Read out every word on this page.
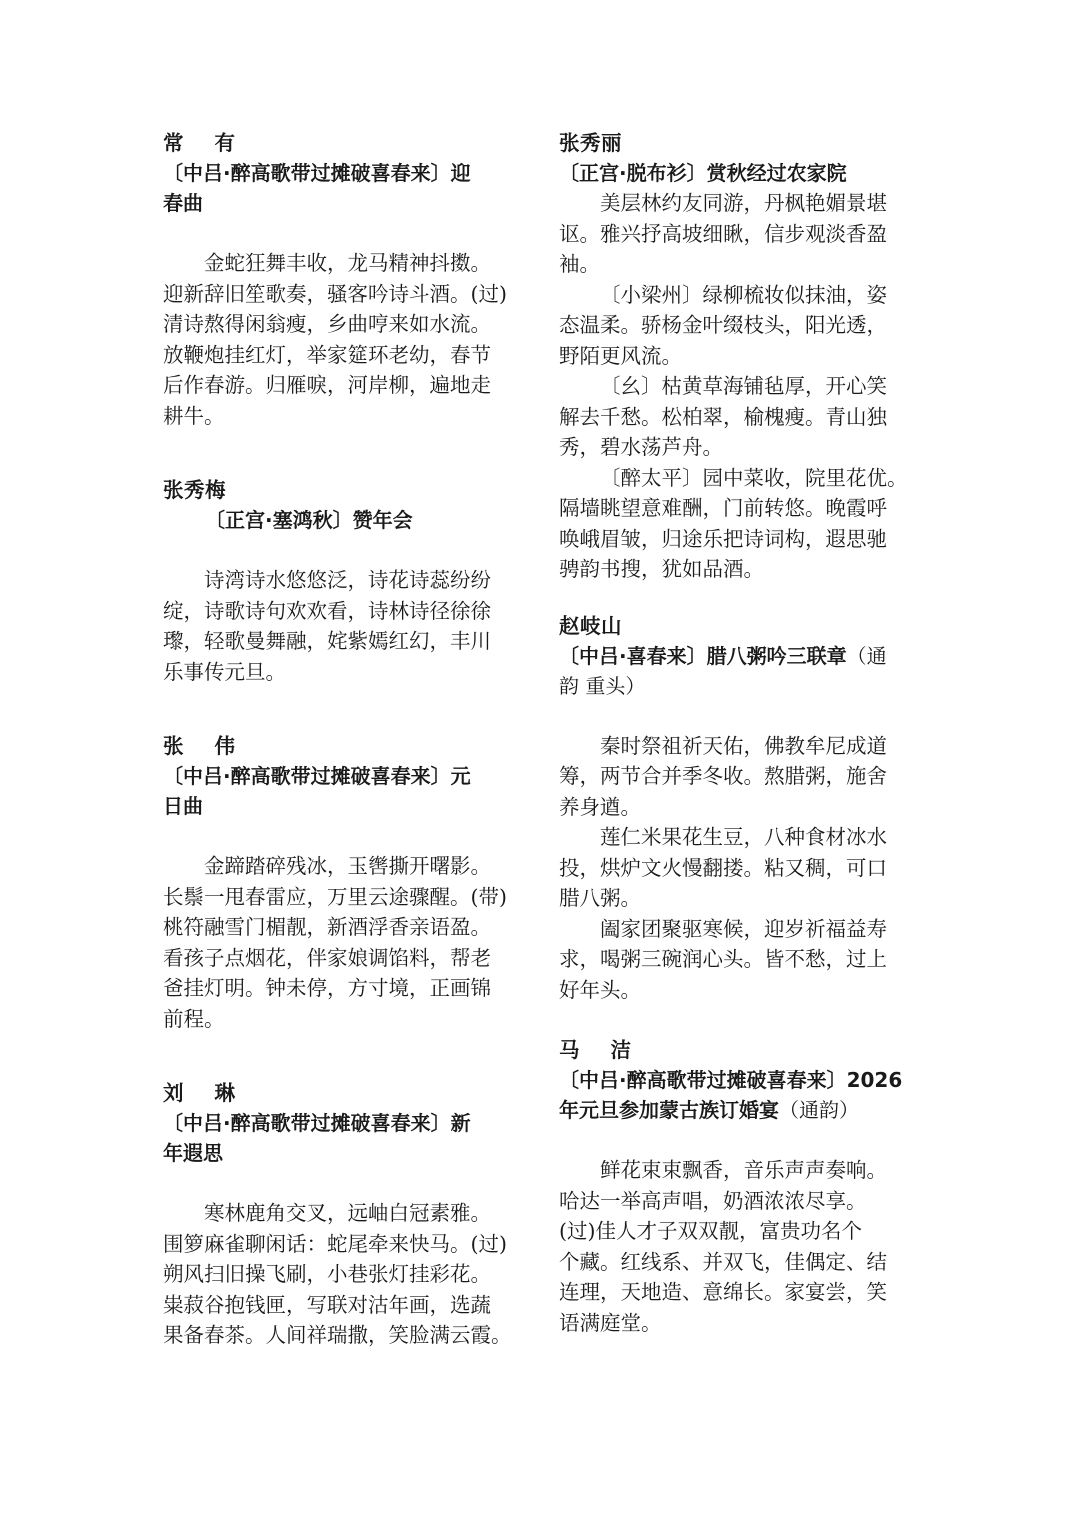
常    有
〔中吕·醉高歌带过摊破喜春来〕迎
春曲
金蛇狂舞丰收，龙马精神抖擞。
迎新辞旧笙歌奏，骚客吟诗斗酒。(过)
清诗熬得闲翁瘦，乡曲哼来如水流。
放鞭炮挂红灯，举家筵环老幼，春节
后作春游。归雁唳，河岸柳，遍地走
耕牛。
张秀梅
〔正宫·塞鸿秋〕赞年会
诗湾诗水悠悠泛，诗花诗蕊纷纷
绽，诗歌诗句欢欢看，诗林诗径徐徐
瓈，轻歌曼舞融，姹紫嫣红幻，丰川
乐事传元旦。
张    伟
〔中吕·醉高歌带过摊破喜春来〕元
日曲
金蹄踏碎残冰，玉辔撕开曙影。
长鬃一甩春雷应，万里云途骤醒。(带)
桃符融雪门楣靓，新酒浮香亲语盈。
看孩子点烟花，伴家娘调馅料，帮老
爸挂灯明。钟未停，方寸境，正画锦
前程。
刘    琳
〔中吕·醉高歌带过摊破喜春来〕新
年遐思
寒林鹿角交叉，远岫白冠素雅。
围箩麻雀聊闲话：蛇尾牵来快马。(过)
朔风扫旧操飞刷，小巷张灯挂彩花。
粜菽谷抱钱匣，写联对沽年画，选蔬
果备春茶。人间祥瑞撒，笑脸满云霞。
张秀丽
〔正宫·脱布衫〕赏秋经过农家院
美层林约友同游，丹枫艳媚景堪
讴。雅兴抒高坡细瞅，信步观淡香盈
袖。
〔小梁州〕绿柳梳妆似抹油，姿
态温柔。骄杨金叶缀枝头，阳光透，
野陌更风流。
〔幺〕枯黄草海铺毡厚，开心笑
解去千愁。松柏翠，榆槐瘦。青山独
秀，碧水荡芦舟。
〔醉太平〕园中菜收，院里花优。
隔墙眺望意难酬，门前转悠。晚霞呼
唤峨眉皱，归途乐把诗词构，遐思驰
骋韵书搜，犹如品酒。
赵岐山
〔中吕·喜春来〕腊八粥吟三联章（通
韵 重头）
秦时祭祖祈天佑，佛教牟尼成道
筹，两节合并季冬收。熬腊粥，施舍
养身遒。
莲仁米果花生豆，八种食材冰水
投，烘炉文火慢翻搂。粘又稠，可口
腊八粥。
阖家团聚驱寒候，迎岁祈福益寿
求，喝粥三碗润心头。皆不愁，过上
好年头。
马    洁
〔中吕·醉高歌带过摊破喜春来〕2026
年元旦参加蒙古族订婚宴（通韵）
鲜花束束飘香，音乐声声奏响。
哈达一举高声唱，奶酒浓浓尽享。
(过)佳人才子双双靓，富贵功名个
个藏。红线系、并双飞，佳偶定、结
连理，天地造、意绵长。家宴尝，笑
语满庭堂。
